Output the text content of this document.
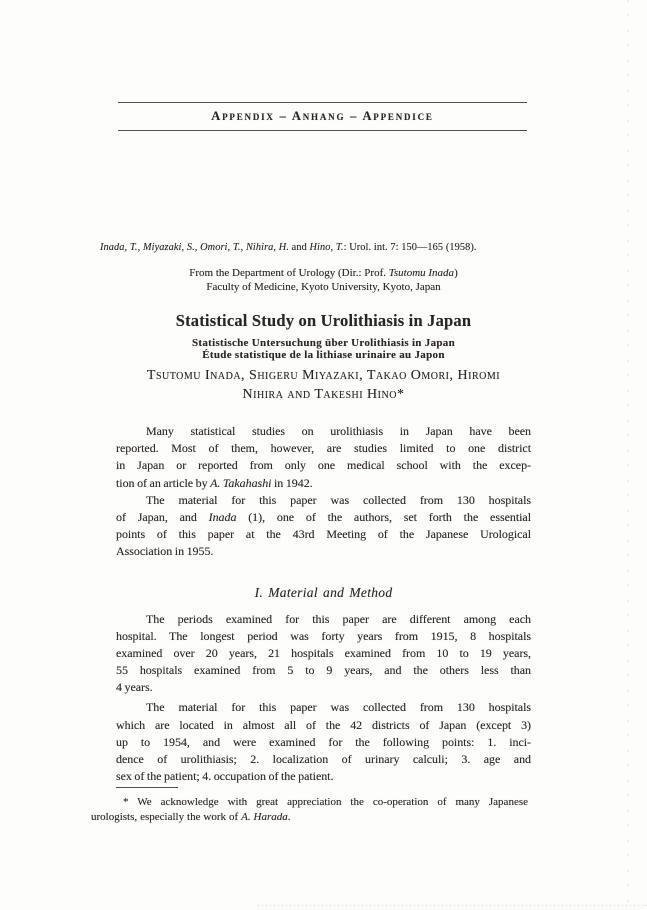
Appendix – Anhang – Appendice
Inada, T., Miyazaki, S., Omori, T., Nihira, H. and Hino, T.: Urol. int. 7: 150—165 (1958).
From the Department of Urology (Dir.: Prof. Tsutomu Inada)
Faculty of Medicine, Kyoto University, Kyoto, Japan
Statistical Study on Urolithiasis in Japan
Statistische Untersuchung über Urolithiasis in Japan
Étude statistique de la lithiase urinaire au Japon
Tsutomu Inada, Shigeru Miyazaki, Takao Omori, Hiromi
Nihira and Takeshi Hino*
Many statistical studies on urolithiasis in Japan have been
reported. Most of them, however, are studies limited to one district
in Japan or reported from only one medical school with the excep-
tion of an article by A. Takahashi in 1942.
The material for this paper was collected from 130 hospitals
of Japan, and Inada (1), one of the authors, set forth the essential
points of this paper at the 43rd Meeting of the Japanese Urological
Association in 1955.
I. Material and Method
The periods examined for this paper are different among each
hospital. The longest period was forty years from 1915, 8 hospitals
examined over 20 years, 21 hospitals examined from 10 to 19 years,
55 hospitals examined from 5 to 9 years, and the others less than
4 years.
The material for this paper was collected from 130 hospitals
which are located in almost all of the 42 districts of Japan (except 3)
up to 1954, and were examined for the following points: 1. inci-
dence of urolithiasis; 2. localization of urinary calculi; 3. age and
sex of the patient; 4. occupation of the patient.
* We acknowledge with great appreciation the co-operation of many Japanese
urologists, especially the work of A. Harada.
